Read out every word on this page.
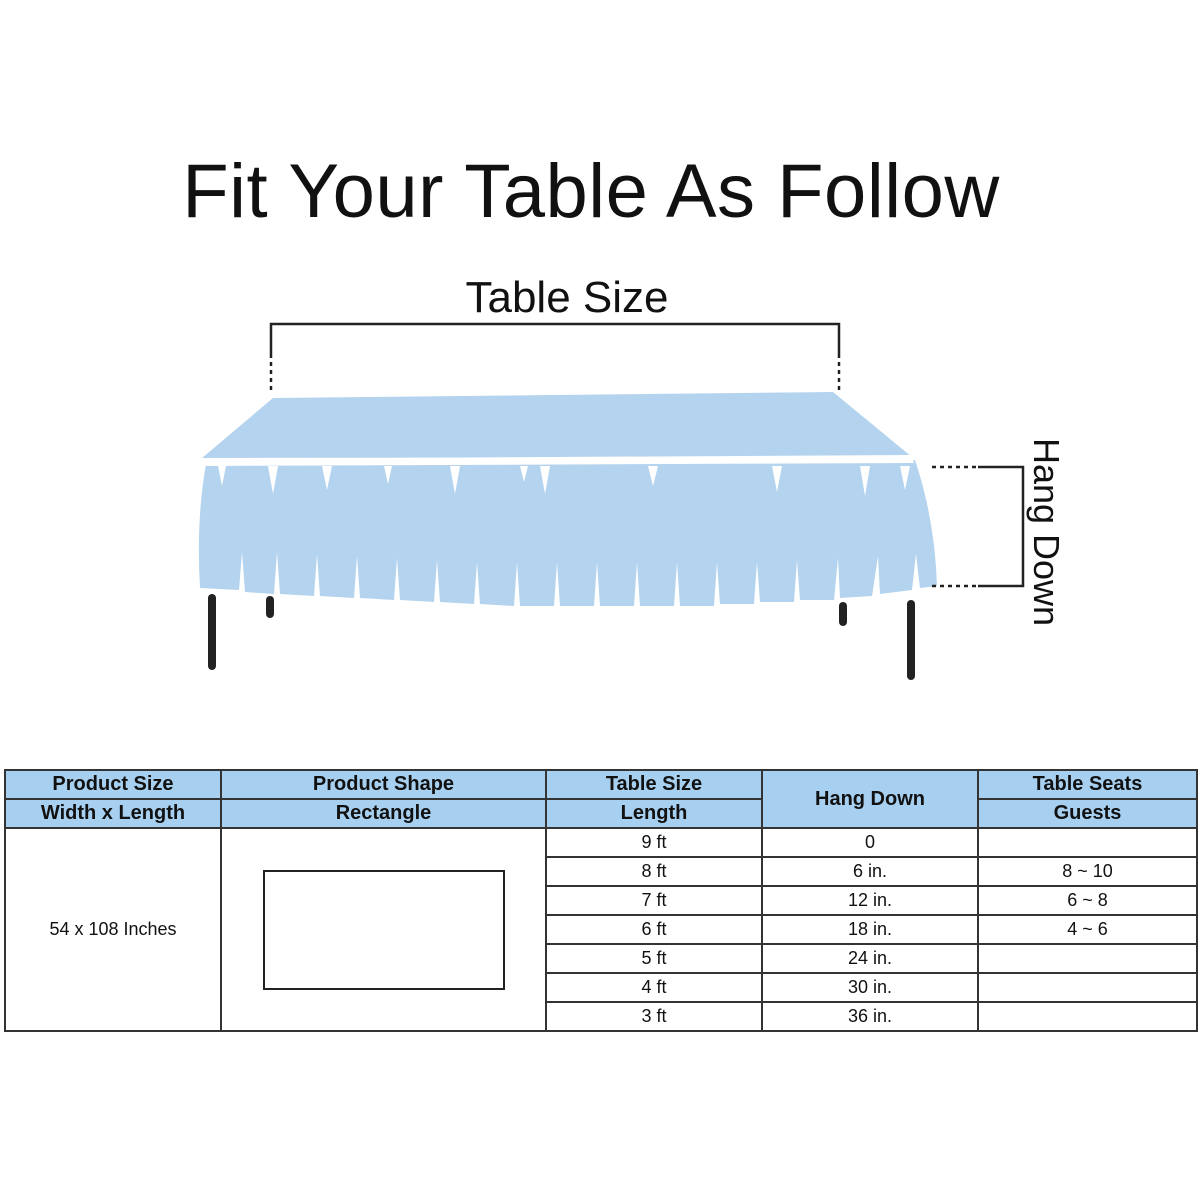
Fit Your Table As Follow
Table Size
Hang Down
Product Size	Product Shape	Table Size	Hang Down	Table Seats
Width x Length	Rectangle	Length		Guests
54 x 108 Inches		9 ft	0	
		8 ft	6 in.	8 ~ 10
		7 ft	12 in.	6 ~ 8
		6 ft	18 in.	4 ~ 6
		5 ft	24 in.	
		4 ft	30 in.	
		3 ft	36 in.	
